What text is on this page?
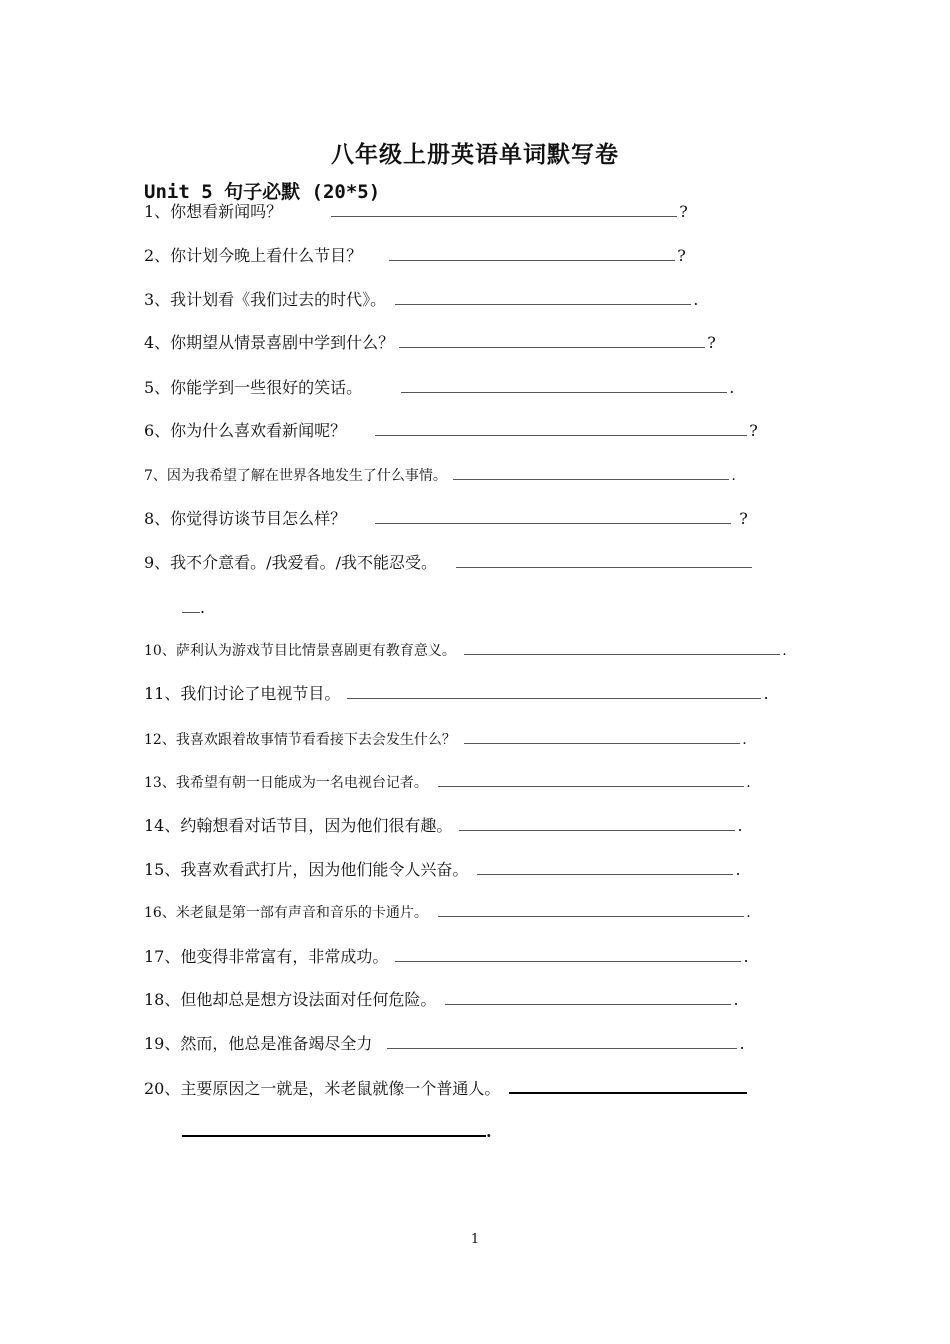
八年级上册英语单词默写卷
Unit 5 句子必默 (20*5)
1、你想看新闻吗？	?
2、你计划今晚上看什么节目？	?
3、我计划看《我们过去的时代》。	.
4、你期望从情景喜剧中学到什么？	?
5、你能学到一些很好的笑话。	.
6、你为什么喜欢看新闻呢？	?
7、因为我希望了解在世界各地发生了什么事情。	.
8、你觉得访谈节目怎么样？	?
9、我不介意看。/我爱看。/我不能忍受。
.
10、萨利认为游戏节目比情景喜剧更有教育意义。	.
11、我们讨论了电视节目。	.
12、我喜欢跟着故事情节看看接下去会发生什么？	.
13、我希望有朝一日能成为一名电视台记者。	.
14、约翰想看对话节目，因为他们很有趣。	.
15、我喜欢看武打片，因为他们能令人兴奋。	.
16、米老鼠是第一部有声音和音乐的卡通片。	.
17、他变得非常富有，非常成功。	.
18、但他却总是想方设法面对任何危险。	.
19、然而，他总是准备竭尽全力	.
20、主要原因之一就是，米老鼠就像一个普通人。
.
1
